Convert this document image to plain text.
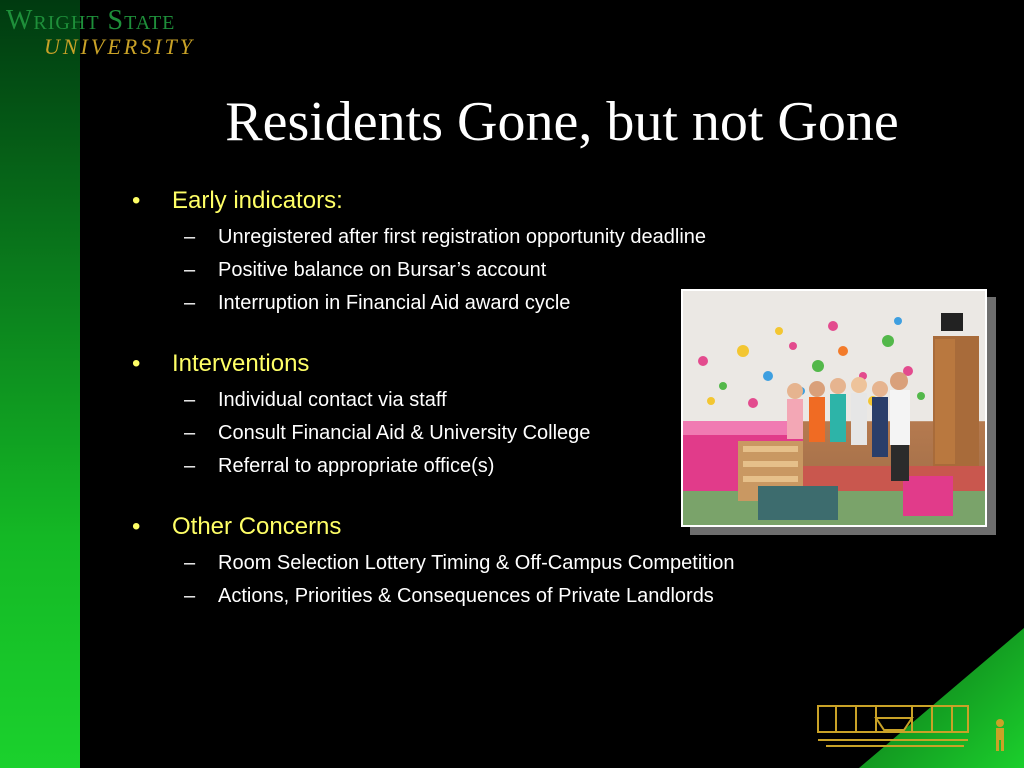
Wright State
UNIVERSITY
Residents Gone, but not Gone
• Early indicators:
– Unregistered after first registration opportunity deadline
– Positive balance on Bursar’s account
– Interruption in Financial Aid award cycle
• Interventions
– Individual contact via staff
– Consult Financial Aid & University College
– Referral to appropriate office(s)
• Other Concerns
– Room Selection Lottery Timing & Off-Campus Competition
– Actions, Priorities & Consequences of Private Landlords
